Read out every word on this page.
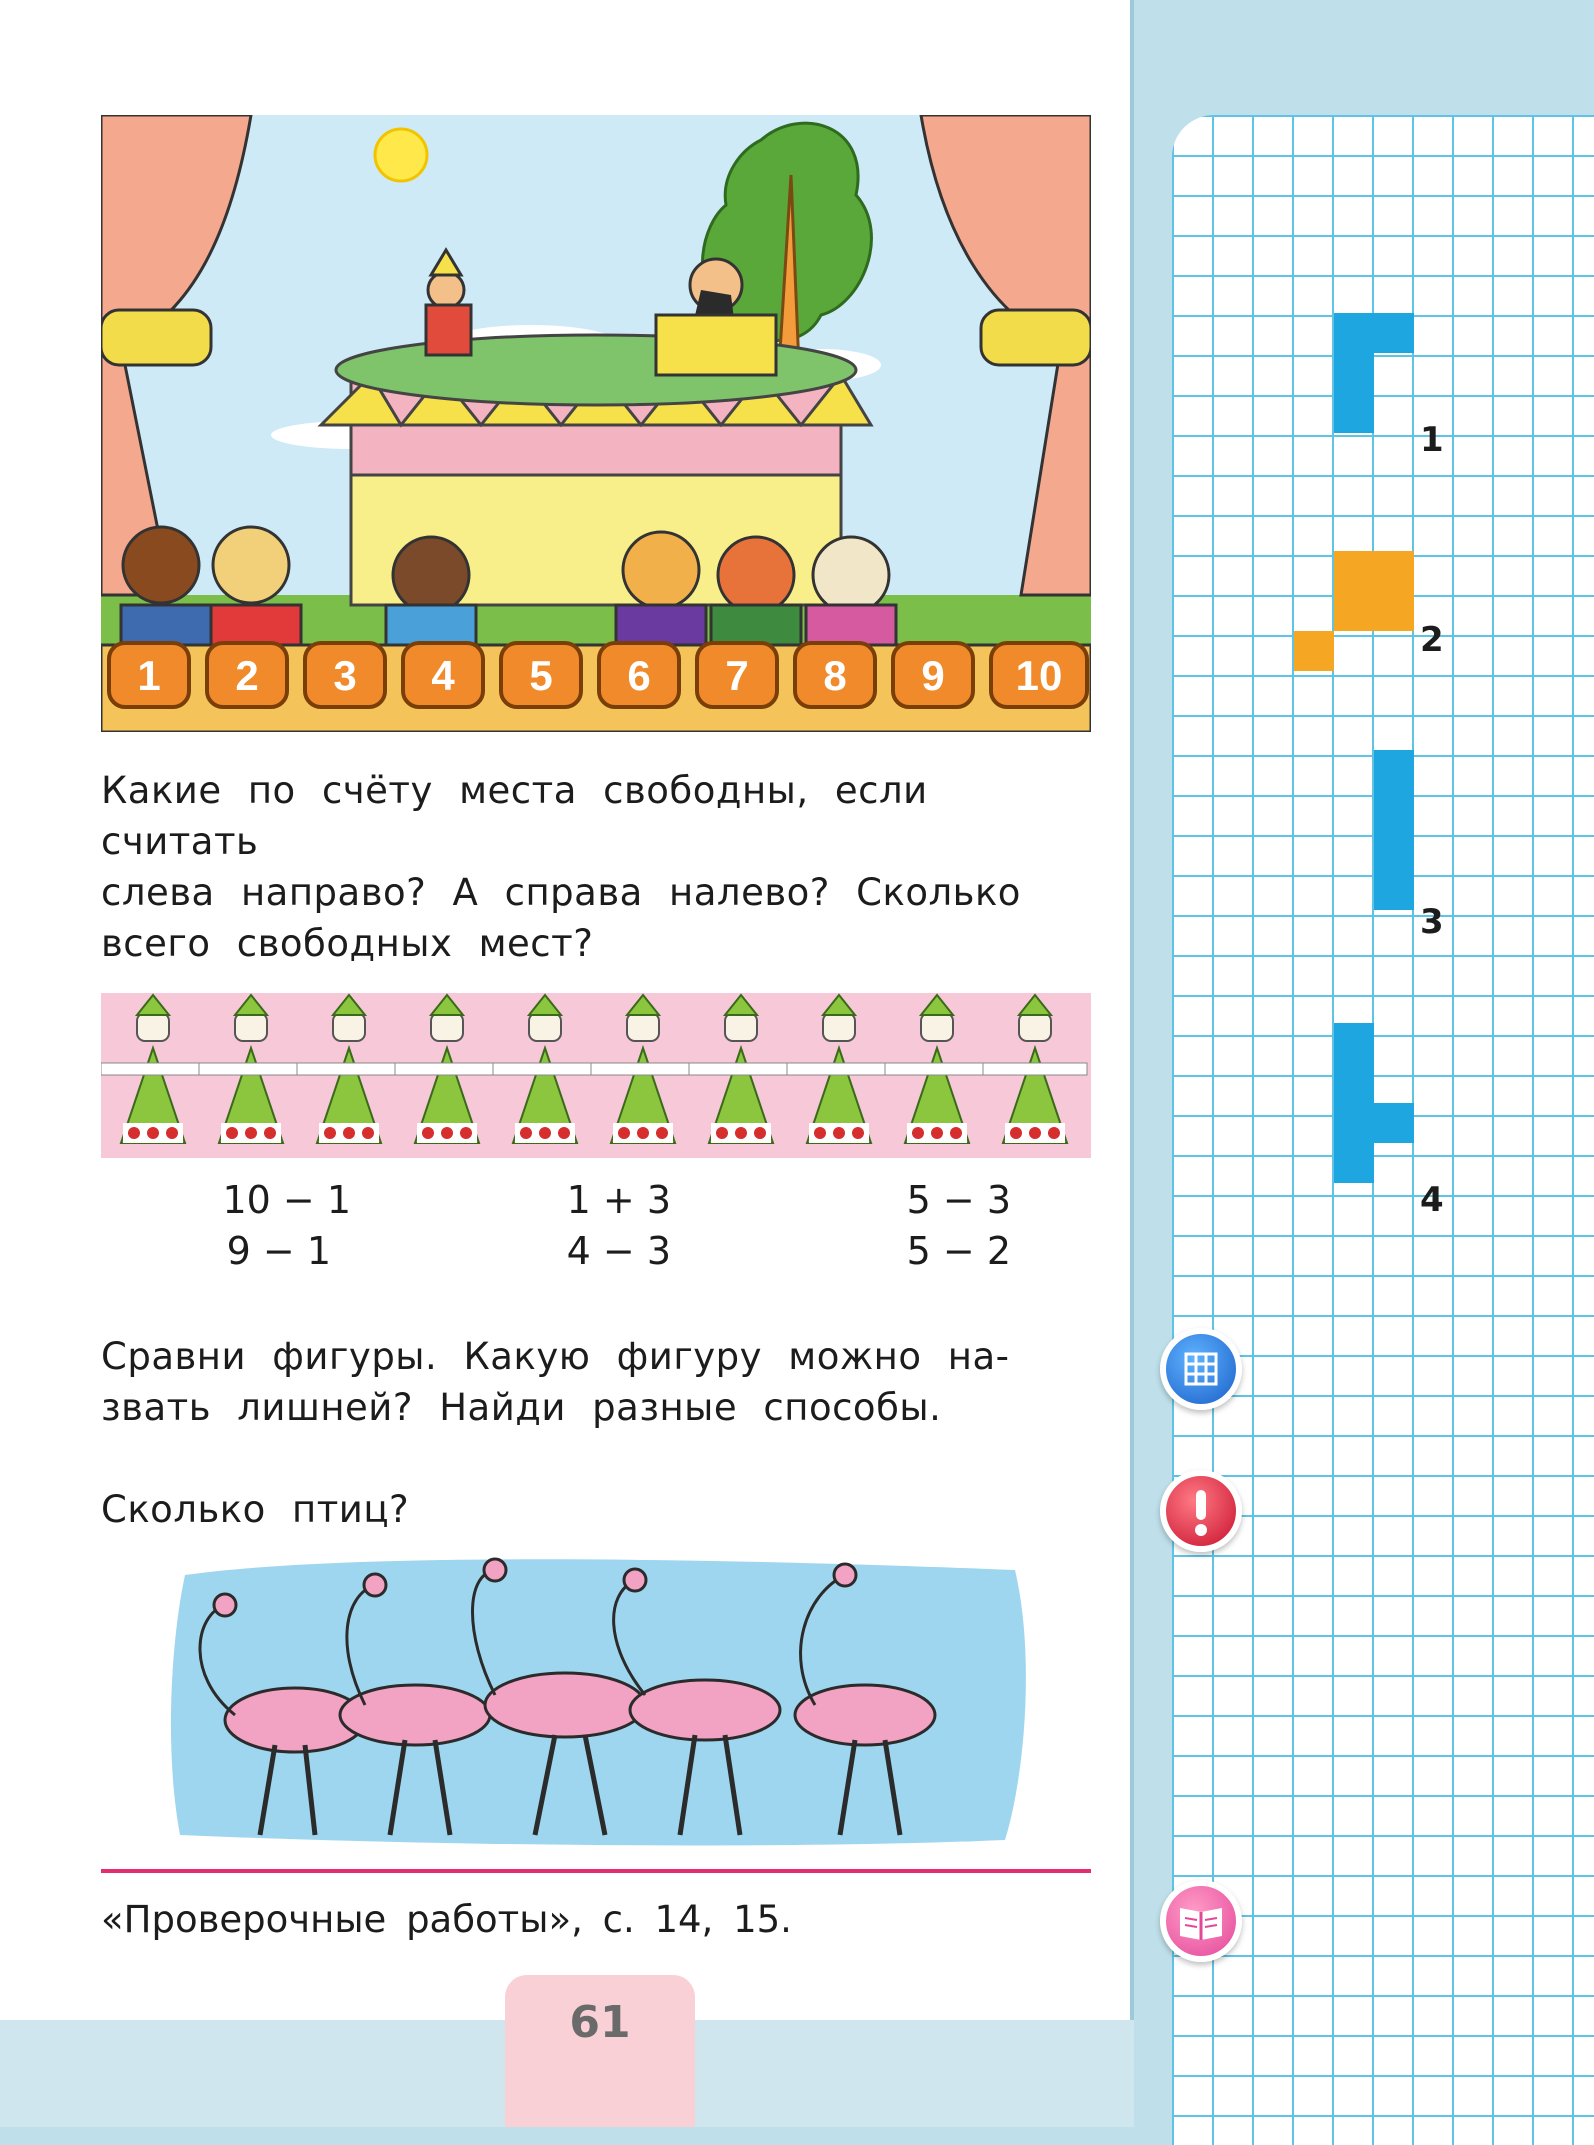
1 2 3 4 5 6 7 8 9 10

Какие по счёту места свободны, если считать

слева направо? А справа налево? Сколько

всего свободных мест?

10 − 1
9 − 1
1 + 3
4 − 3
5 − 3
5 − 2

Сравни фигуры. Какую фигуру можно на-

звать лишней? Найди разные способы.

Сколько птиц?

«Проверочные работы», с. 14, 15.
61
1
2
3
4
